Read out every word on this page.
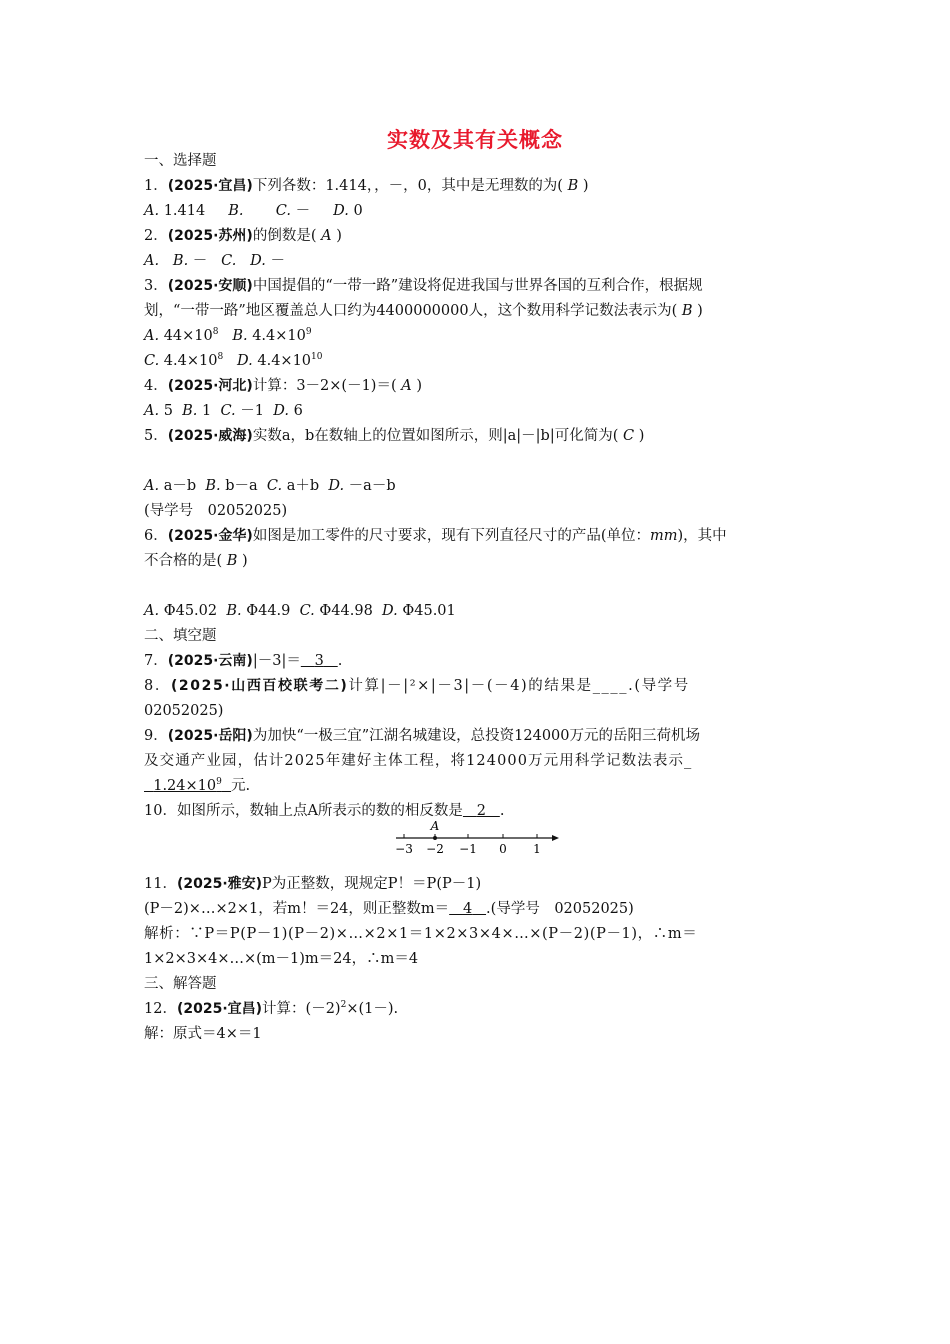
实数及其有关概念
一、选择题
1．(2025·宜昌)下列各数：1.414，，－，0，其中是无理数的为( B )
A. 1.414 B. C. － D. 0
2．(2025·苏州)的倒数是( A )
A. B. － C. D. －
3．(2025·安顺)中国提倡的“一带一路”建设将促进我国与世界各国的互利合作，根据规
划，“一带一路”地区覆盖总人口约为4400000000人，这个数用科学记数法表示为( B )
A. $44\times 10^8$ B. $4.4\times 10^9$
C. $4.4\times 10^8$ D. $4.4\times 10^{10}$
4．(2025·河北)计算：3－2×(－1)＝( A )
A. 5 B. 1 C. －1 D. 6
5．(2025·威海)实数a，b在数轴上的位置如图所示，则|a|－|b|可化简为( C )
A. a－b B. b－a C. a＋b D. －a－b
(导学号　02052025)
6．(2025·金华)如图是加工零件的尺寸要求，现有下列直径尺寸的产品(单位：mm)，其中
不合格的是( B )
A. Φ45.02 B. Φ44.9 C. Φ44.98 D. Φ45.01
二、填空题
7．(2025·云南)|－3|＝ 3 .
8．(2025·山西百校联考二)计算|－|²×|－3|－(－4)的结果是____.(导学号
02052025)
9．(2025·岳阳)为加快“一极三宜”江湖名城建设，总投资124000万元的岳阳三荷机场
及交通产业园，估计2025年建好主体工程，将124000万元用科学记数法表示_
$1.24\times 10^9$ 元.
10．如图所示，数轴上点A所表示的数的相反数是 2 .
A
−3 −2 −1 0 1
11．(2025·雅安)P为正整数，现规定P！＝P(P－1)
(P－2)×…×2×1，若m！＝24，则正整数m＝ 4 .(导学号　02052025)
解析：∵P＝P(P－1)(P－2)×…×2×1＝1×2×3×4×…×(P－2)(P－1)，∴m＝
1×2×3×4×…×(m－1)m＝24，∴m＝4
三、解答题
12．(2025·宜昌)计算：$(-2)^2\times(1-)$.
解：原式＝4×＝1
